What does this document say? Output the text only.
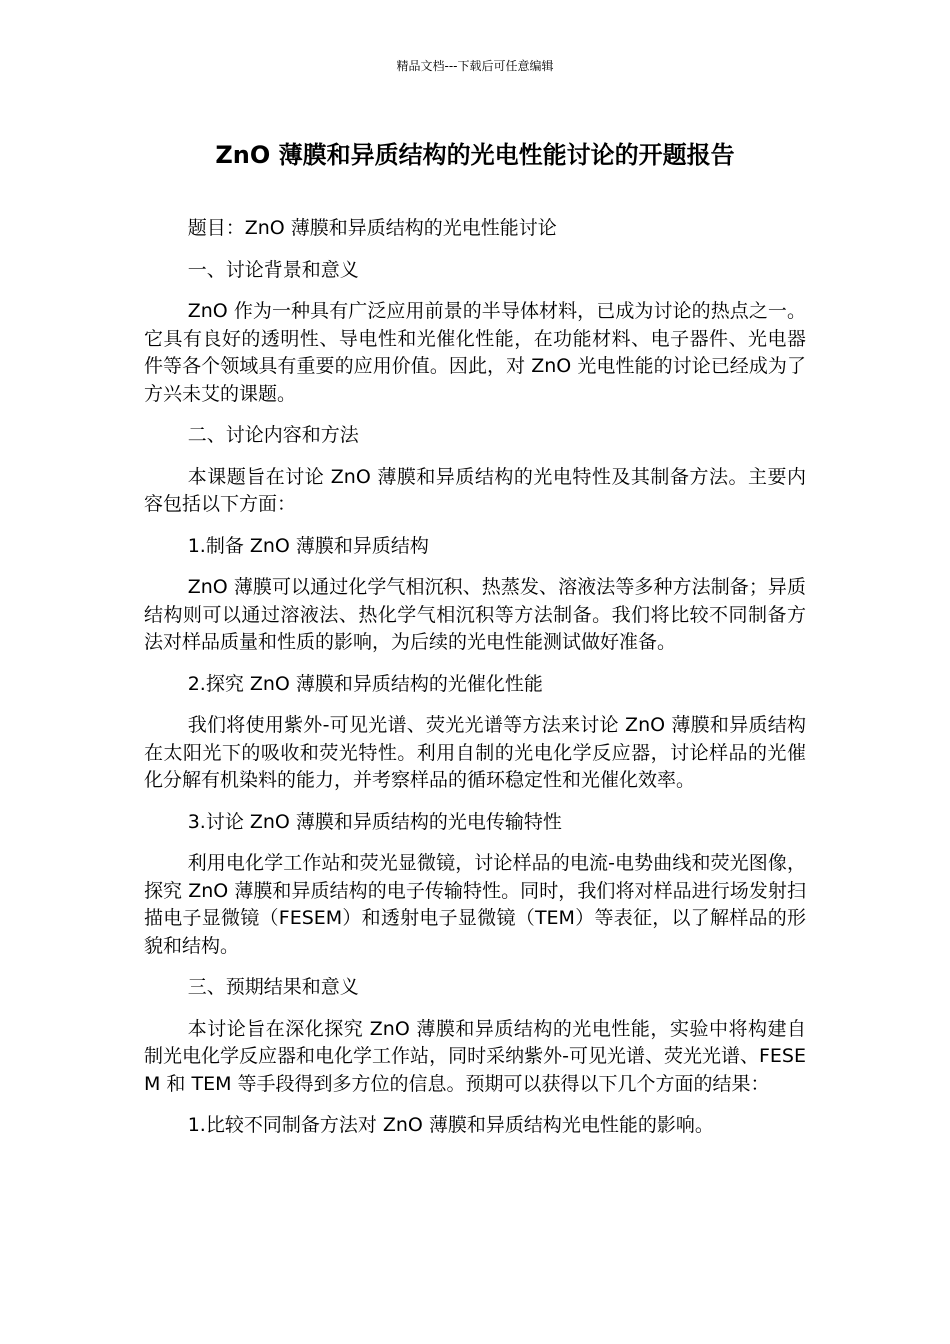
精品文档---下载后可任意编辑
ZnO 薄膜和异质结构的光电性能讨论的开题报告

题目：ZnO 薄膜和异质结构的光电性能讨论

一、讨论背景和意义

ZnO 作为一种具有广泛应用前景的半导体材料，已成为讨论的热点之一。它具有良好的透明性、导电性和光催化性能，在功能材料、电子器件、光电器件等各个领域具有重要的应用价值。因此，对 ZnO 光电性能的讨论已经成为了方兴未艾的课题。

二、讨论内容和方法

本课题旨在讨论 ZnO 薄膜和异质结构的光电特性及其制备方法。主要内容包括以下方面：

1.制备 ZnO 薄膜和异质结构

ZnO 薄膜可以通过化学气相沉积、热蒸发、溶液法等多种方法制备；异质结构则可以通过溶液法、热化学气相沉积等方法制备。我们将比较不同制备方法对样品质量和性质的影响，为后续的光电性能测试做好准备。

2.探究 ZnO 薄膜和异质结构的光催化性能

我们将使用紫外-可见光谱、荧光光谱等方法来讨论 ZnO 薄膜和异质结构在太阳光下的吸收和荧光特性。利用自制的光电化学反应器，讨论样品的光催化分解有机染料的能力，并考察样品的循环稳定性和光催化效率。

3.讨论 ZnO 薄膜和异质结构的光电传输特性

利用电化学工作站和荧光显微镜，讨论样品的电流-电势曲线和荧光图像，探究 ZnO 薄膜和异质结构的电子传输特性。同时，我们将对样品进行场发射扫描电子显微镜（FESEM）和透射电子显微镜（TEM）等表征，以了解样品的形貌和结构。

三、预期结果和意义

本讨论旨在深化探究 ZnO 薄膜和异质结构的光电性能，实验中将构建自制光电化学反应器和电化学工作站，同时采纳紫外-可见光谱、荧光光谱、FESEM 和 TEM 等手段得到多方位的信息。预期可以获得以下几个方面的结果：

1.比较不同制备方法对 ZnO 薄膜和异质结构光电性能的影响。
